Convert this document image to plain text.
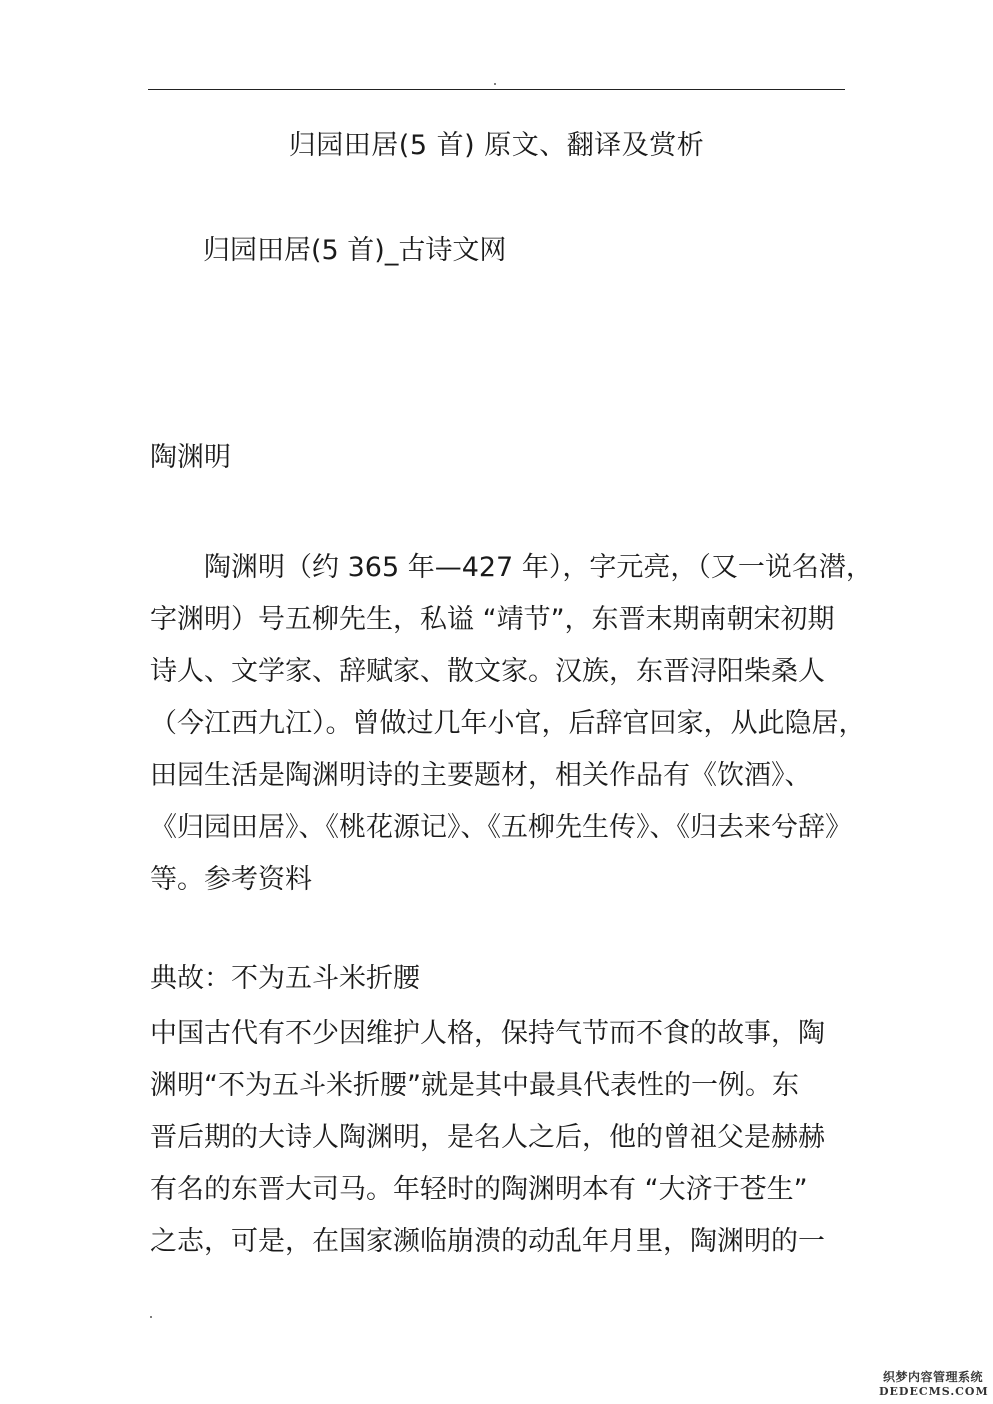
归园田居(5 首) 原文、翻译及赏析
归园田居(5 首)_古诗文网
陶渊明
陶渊明（约 365 年—427 年），字元亮，（又一说名潜，
字渊明）号五柳先生，私谥 “靖节”，东晋末期南朝宋初期
诗人、文学家、辞赋家、散文家。汉族，东晋浔阳柴桑人
（今江西九江）。曾做过几年小官，后辞官回家，从此隐居，
田园生活是陶渊明诗的主要题材，相关作品有《饮酒》、
《归园田居》、《桃花源记》、《五柳先生传》、《归去来兮辞》
等。参考资料
典故：不为五斗米折腰
中国古代有不少因维护人格，保持气节而不食的故事，陶
渊明“不为五斗米折腰”就是其中最具代表性的一例。东
晋后期的大诗人陶渊明，是名人之后，他的曾祖父是赫赫
有名的东晋大司马。年轻时的陶渊明本有 “大济于苍生”
之志，可是，在国家濒临崩溃的动乱年月里，陶渊明的一
织梦内容管理系统
DEDECMS.COM
